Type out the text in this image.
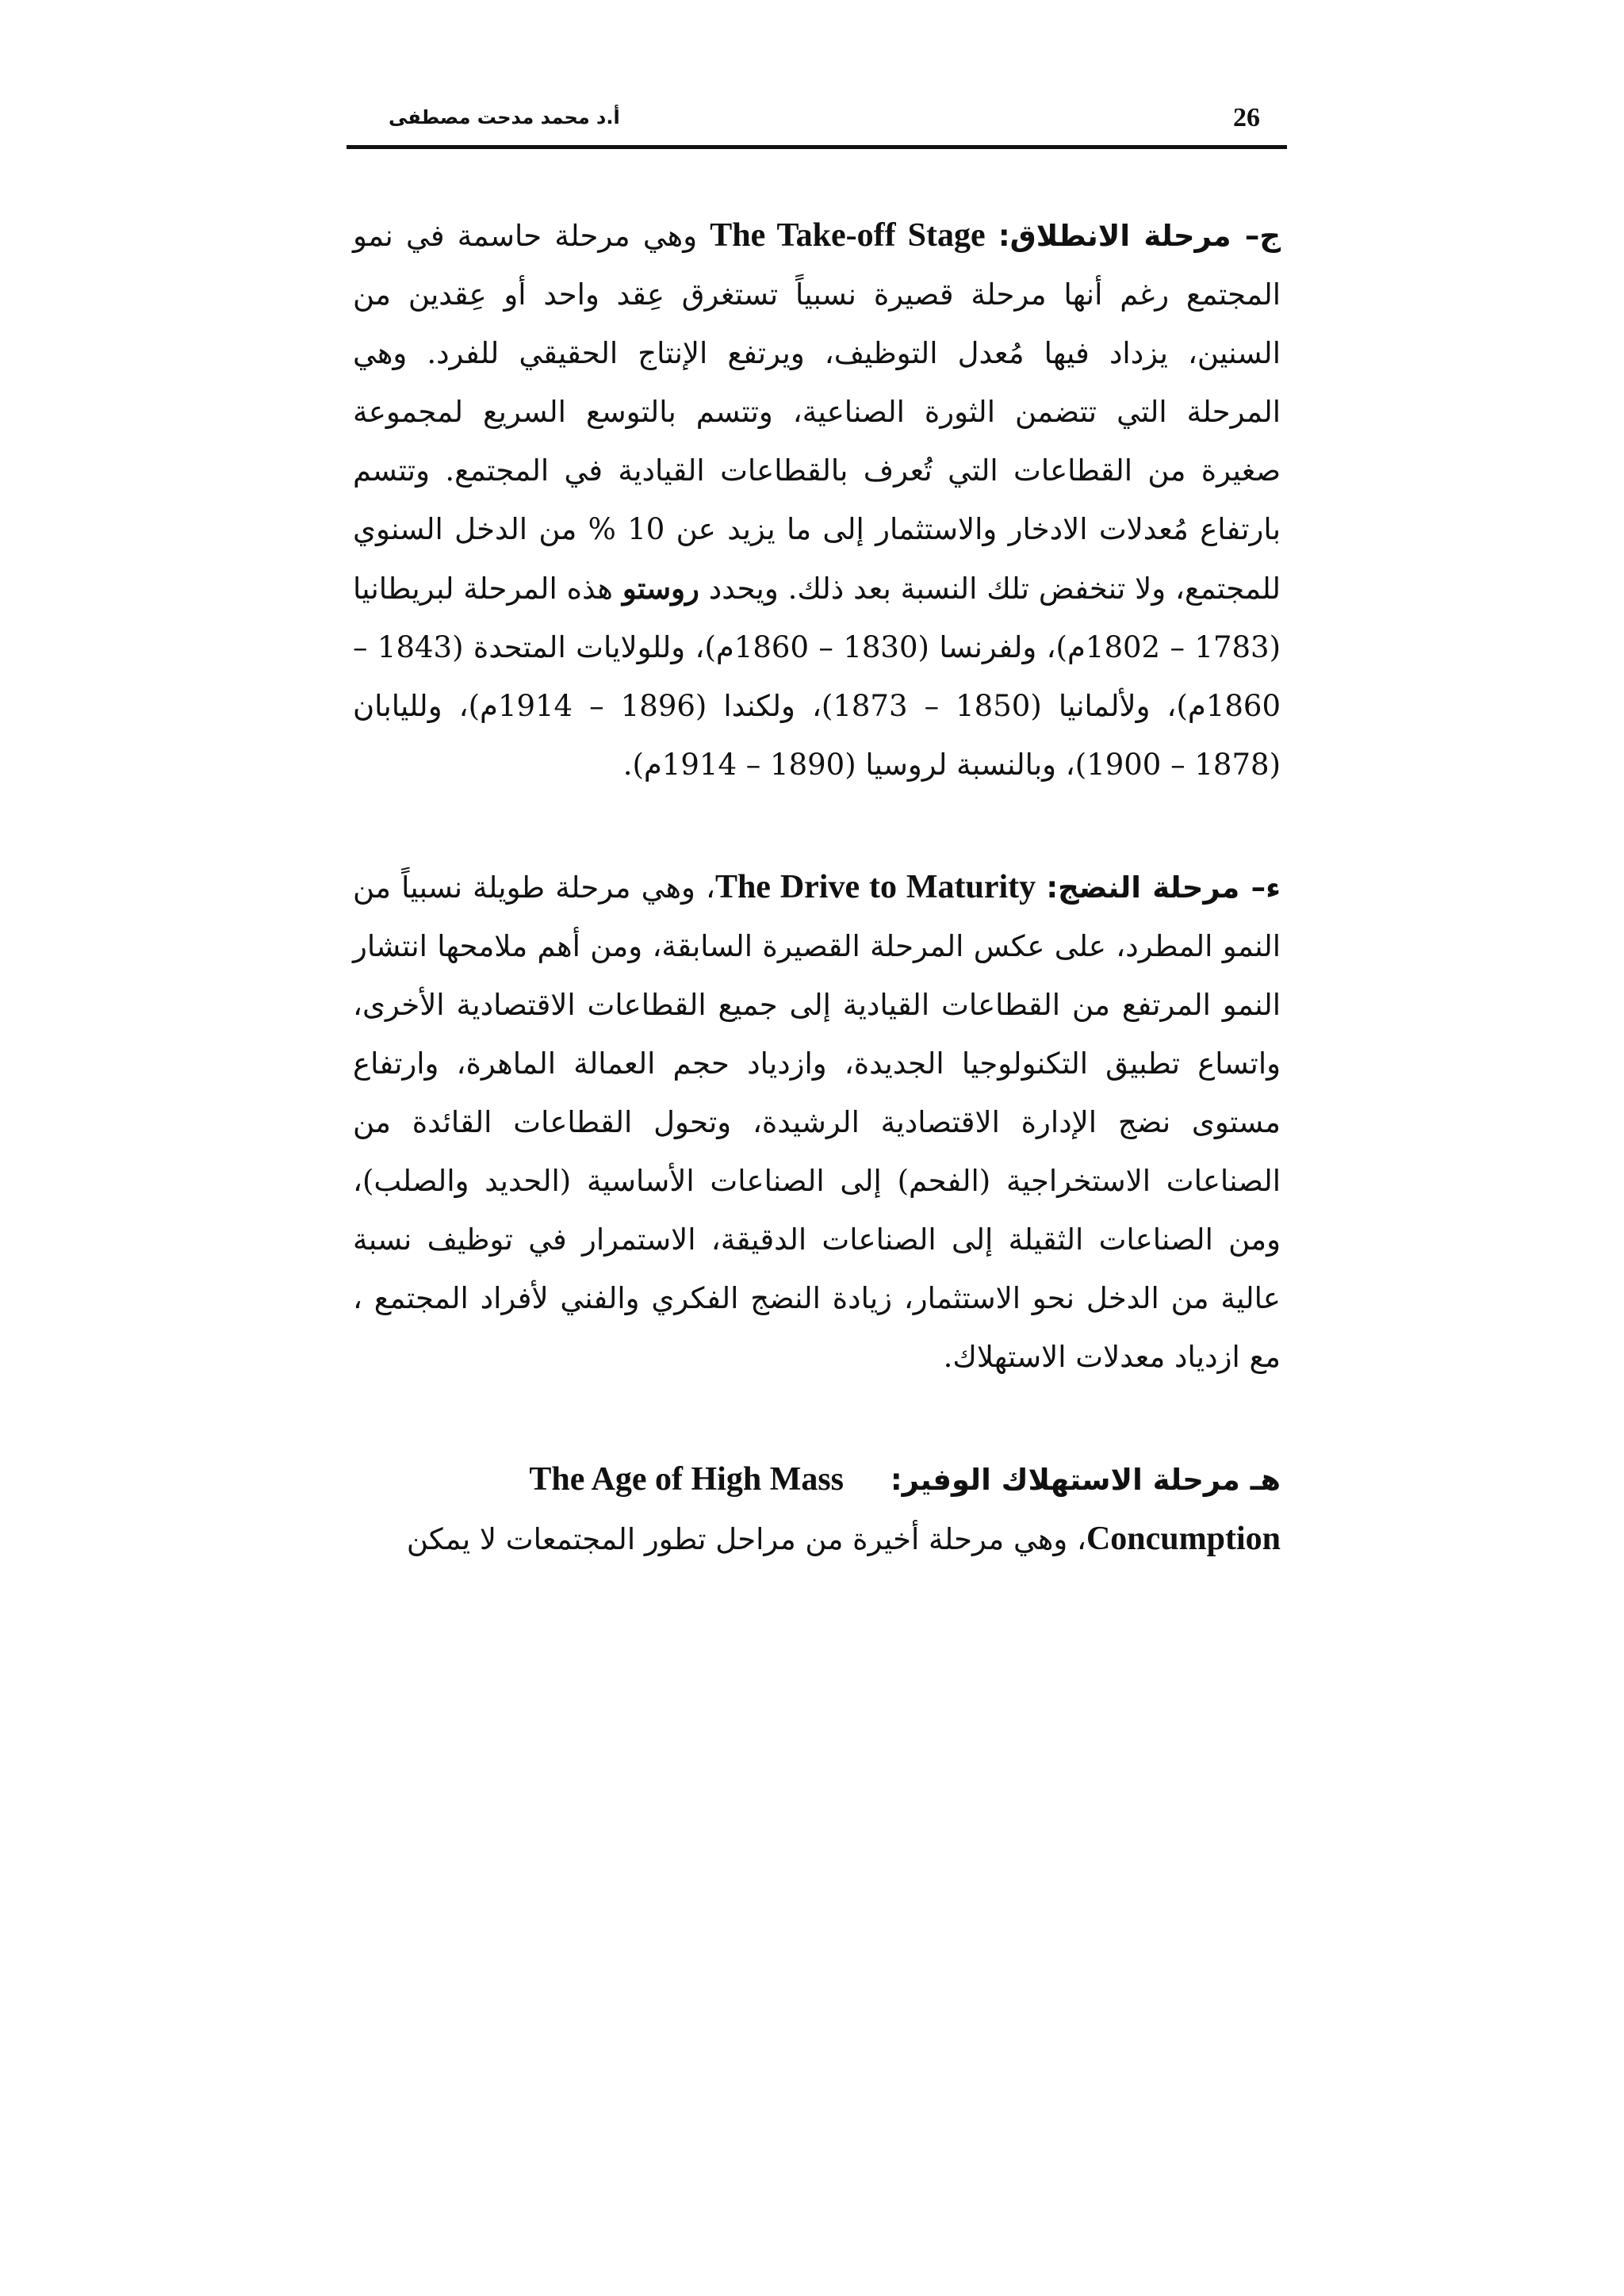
26
أ.د محمد مدحت مصطفى

ج– مرحلة الانطلاق: The Take-off Stage وهي مرحلة حاسمة في نمو المجتمع رغم أنها مرحلة قصيرة نسبياً تستغرق عِقد واحد أو عِقدين من السنين، يزداد فيها مُعدل التوظيف، ويرتفع الإنتاج الحقيقي للفرد. وهي المرحلة التي تتضمن الثورة الصناعية، وتتسم بالتوسع السريع لمجموعة صغيرة من القطاعات التي تُعرف بالقطاعات القيادية في المجتمع. وتتسم بارتفاع مُعدلات الادخار والاستثمار إلى ما يزيد عن 10 % من الدخل السنوي للمجتمع، ولا تنخفض تلك النسبة بعد ذلك. ويحدد روستو هذه المرحلة لبريطانيا (1783 – 1802م)، ولفرنسا (1830 – 1860م)، وللولايات المتحدة (1843 – 1860م)، ولألمانيا (1850 – 1873)، ولكندا (1896 – 1914م)، ولليابان (1878 – 1900)، وبالنسبة لروسيا (1890 – 1914م).

ء– مرحلة النضج: The Drive to Maturity، وهي مرحلة طويلة نسبياً من النمو المطرد، على عكس المرحلة القصيرة السابقة، ومن أهم ملامحها انتشار النمو المرتفع من القطاعات القيادية إلى جميع القطاعات الاقتصادية الأخرى، واتساع تطبيق التكنولوجيا الجديدة، وازدياد حجم العمالة الماهرة، وارتفاع مستوى نضج الإدارة الاقتصادية الرشيدة، وتحول القطاعات القائدة من الصناعات الاستخراجية (الفحم) إلى الصناعات الأساسية (الحديد والصلب)، ومن الصناعات الثقيلة إلى الصناعات الدقيقة، الاستمرار في توظيف نسبة عالية من الدخل نحو الاستثمار، زيادة النضج الفكري والفني لأفراد المجتمع ، مع ازدياد معدلات الاستهلاك.

هـ مرحلة الاستهلاك الوفير:     The Age of High Mass
Concumption، وهي مرحلة أخيرة من مراحل تطور المجتمعات لا يمكن
